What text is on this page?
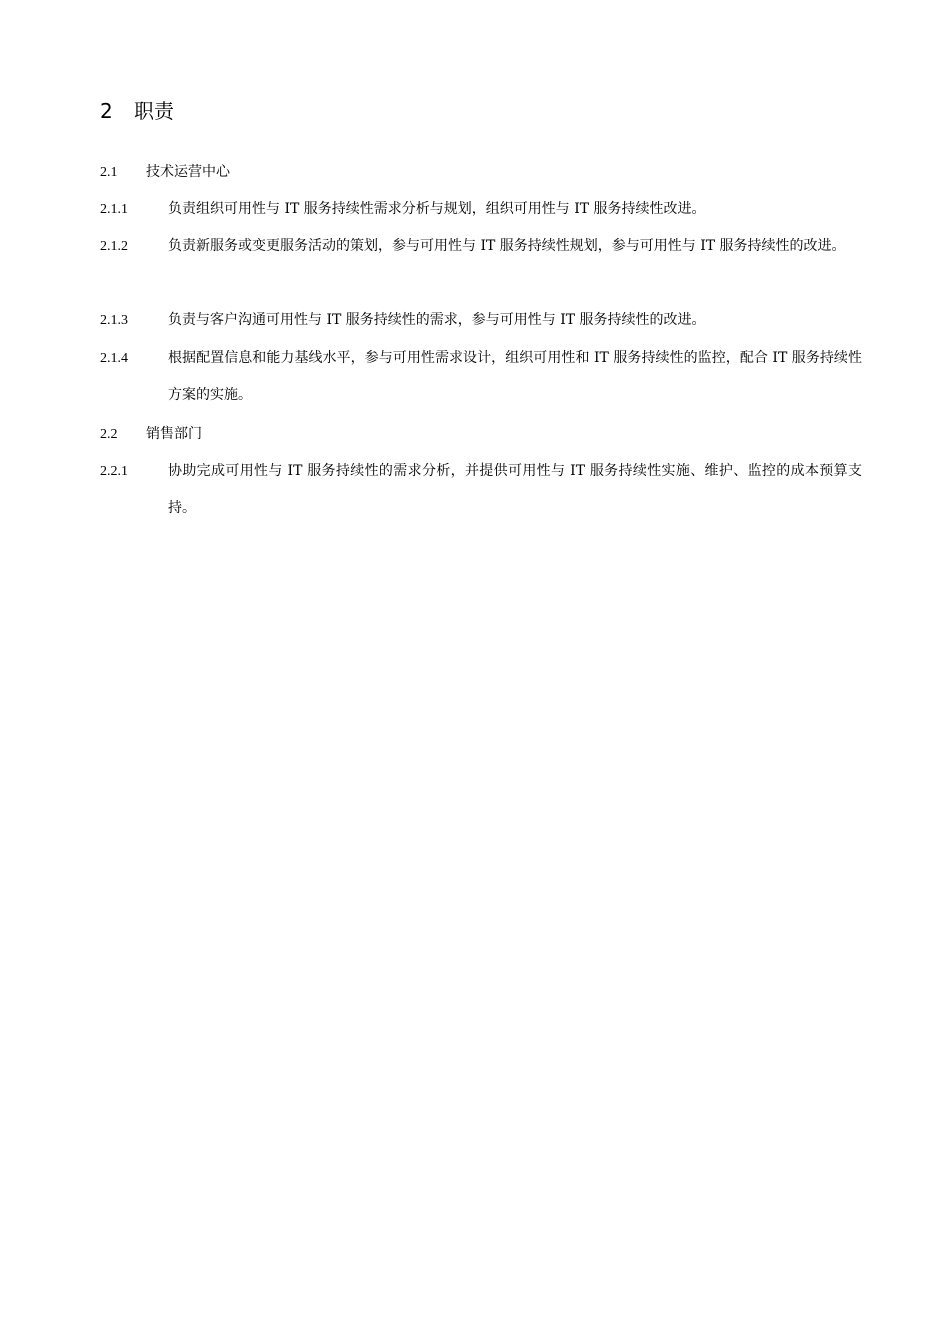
2 职责
2.1 技术运营中心
2.1.1	负责组织可用性与 IT 服务持续性需求分析与规划，组织可用性与 IT 服务持续性改进。
2.1.2	负责新服务或变更服务活动的策划，参与可用性与 IT 服务持续性规划，参与可用性与 IT 服务持续性的改进。
2.1.3	负责与客户沟通可用性与 IT 服务持续性的需求，参与可用性与 IT 服务持续性的改进。
2.1.4	根据配置信息和能力基线水平，参与可用性需求设计，组织可用性和 IT 服务持续性的监控，配合 IT 服务持续性方案的实施。
2.2 销售部门
2.2.1	协助完成可用性与 IT 服务持续性的需求分析，并提供可用性与 IT 服务持续性实施、维护、监控的成本预算支持。
